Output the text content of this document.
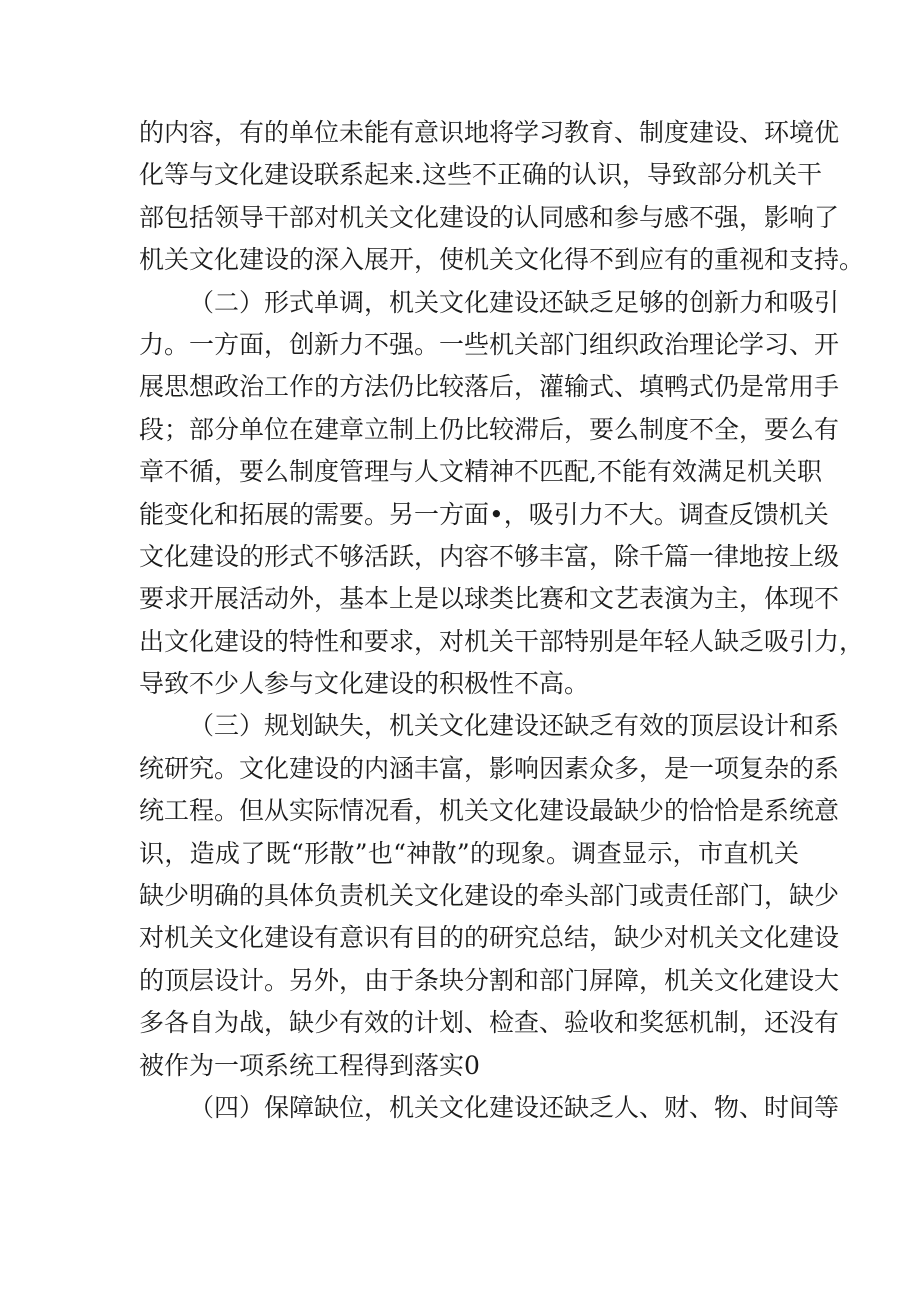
的内容，有的单位未能有意识地将学习教育、制度建设、环境优
化等与文化建设联系起来.这些不正确的认识，导致部分机关干
部包括领导干部对机关文化建设的认同感和参与感不强，影响了
机关文化建设的深入展开，使机关文化得不到应有的重视和支持。
（二）形式单调，机关文化建设还缺乏足够的创新力和吸引
力。一方面，创新力不强。一些机关部门组织政治理论学习、开
展思想政治工作的方法仍比较落后，灌输式、填鸭式仍是常用手
段；部分单位在建章立制上仍比较滞后，要么制度不全，要么有
章不循，要么制度管理与人文精神不匹配,不能有效满足机关职
能变化和拓展的需要。另一方面•，吸引力不大。调查反馈机关
文化建设的形式不够活跃，内容不够丰富，除千篇一律地按上级
要求开展活动外，基本上是以球类比赛和文艺表演为主，体现不
出文化建设的特性和要求，对机关干部特别是年轻人缺乏吸引力，
导致不少人参与文化建设的积极性不高。
（三）规划缺失，机关文化建设还缺乏有效的顶层设计和系
统研究。文化建设的内涵丰富，影响因素众多，是一项复杂的系
统工程。但从实际情况看，机关文化建设最缺少的恰恰是系统意
识，造成了既“形散”也“神散”的现象。调查显示，市直机关
缺少明确的具体负责机关文化建设的牵头部门或责任部门，缺少
对机关文化建设有意识有目的的研究总结，缺少对机关文化建设
的顶层设计。另外，由于条块分割和部门屏障，机关文化建设大
多各自为战，缺少有效的计划、检查、验收和奖惩机制，还没有
被作为一项系统工程得到落实0
（四）保障缺位，机关文化建设还缺乏人、财、物、时间等
